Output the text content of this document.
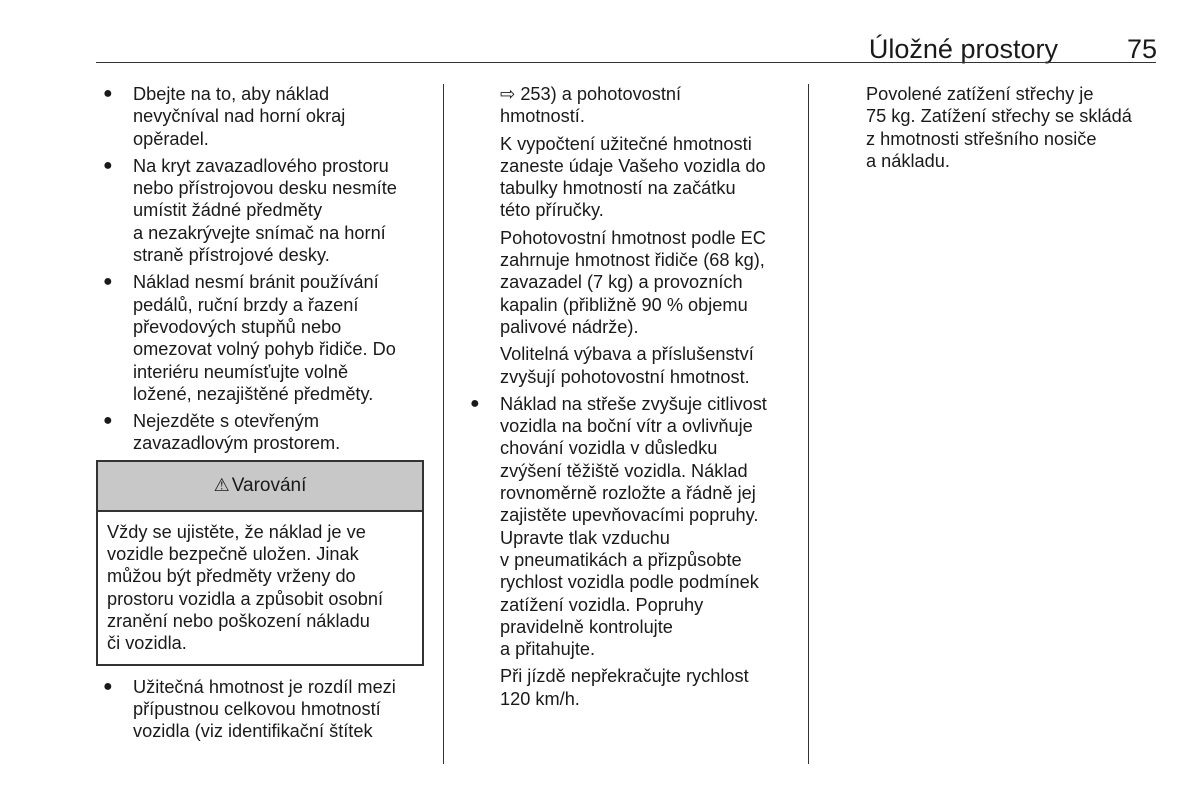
Úložné prostory	75
● Dbejte na to, aby náklad
nevyčníval nad horní okraj
opěradel.
● Na kryt zavazadlového prostoru
nebo přístrojovou desku nesmíte
umístit žádné předměty
a nezakrývejte snímač na horní
straně přístrojové desky.
● Náklad nesmí bránit používání
pedálů, ruční brzdy a řazení
převodových stupňů nebo
omezovat volný pohyb řidiče. Do
interiéru neumísťujte volně
ložené, nezajištěné předměty.
● Nejezděte s otevřeným
zavazadlovým prostorem.
⚠ Varování
Vždy se ujistěte, že náklad je ve
vozidle bezpečně uložen. Jinak
můžou být předměty vrženy do
prostoru vozidla a způsobit osobní
zranění nebo poškození nákladu
či vozidla.
● Užitečná hmotnost je rozdíl mezi
přípustnou celkovou hmotností
vozidla (viz identifikační štítek
⇨ 253) a pohotovostní
hmotností.
K vypočtení užitečné hmotnosti
zaneste údaje Vašeho vozidla do
tabulky hmotností na začátku
této příručky.
Pohotovostní hmotnost podle EC
zahrnuje hmotnost řidiče (68 kg),
zavazadel (7 kg) a provozních
kapalin (přibližně 90 % objemu
palivové nádrže).
Volitelná výbava a příslušenství
zvyšují pohotovostní hmotnost.
● Náklad na střeše zvyšuje citlivost
vozidla na boční vítr a ovlivňuje
chování vozidla v důsledku
zvýšení těžiště vozidla. Náklad
rovnoměrně rozložte a řádně jej
zajistěte upevňovacími popruhy.
Upravte tlak vzduchu
v pneumatikách a přizpůsobte
rychlost vozidla podle podmínek
zatížení vozidla. Popruhy
pravidelně kontrolujte
a přitahujte.
Při jízdě nepřekračujte rychlost
120 km/h.
Povolené zatížení střechy je
75 kg. Zatížení střechy se skládá
z hmotnosti střešního nosiče
a nákladu.
